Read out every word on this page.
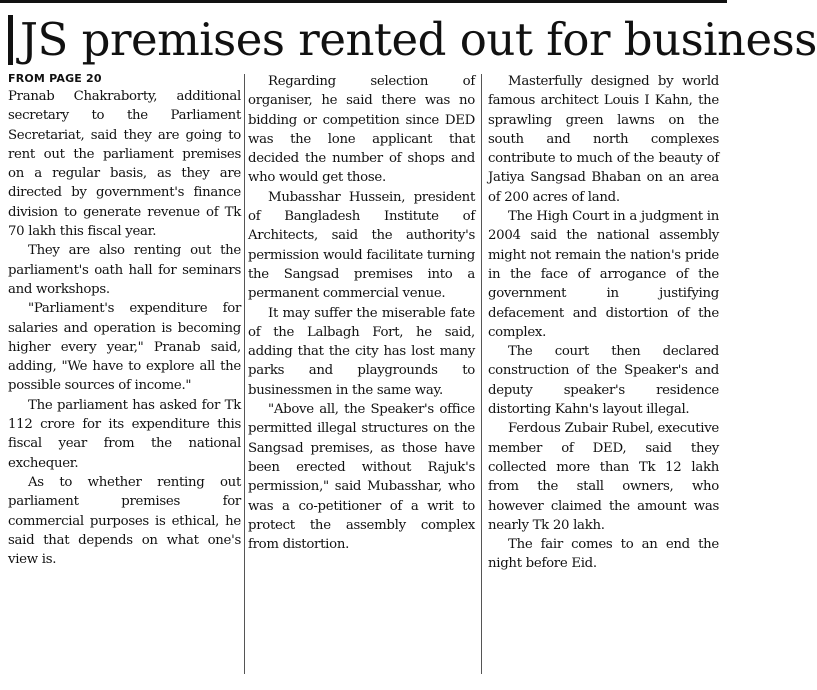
JS premises rented out for business
FROM PAGE 20

Pranab Chakraborty, additional secretary to the Parliament Secretariat, said they are going to rent out the parliament premises on a regular basis, as they are directed by government's finance division to generate revenue of Tk 70 lakh this fiscal year.

They are also renting out the parliament's oath hall for seminars and workshops.

"Parliament's expenditure for salaries and operation is becoming higher every year," Pranab said, adding, "We have to explore all the possible sources of income."

The parliament has asked for Tk 112 crore for its expenditure this fiscal year from the national exchequer.

As to whether renting out parliament premises for commercial purposes is ethical, he said that depends on what one's view is.

Regarding selection of organiser, he said there was no bidding or competition since DED was the lone applicant that decided the number of shops and who would get those.

Mubasshar Hussein, president of Bangladesh Institute of Architects, said the authority's permission would facilitate turning the Sangsad premises into a permanent commercial venue.

It may suffer the miserable fate of the Lalbagh Fort, he said, adding that the city has lost many parks and playgrounds to businessmen in the same way.

"Above all, the Speaker's office permitted illegal structures on the Sangsad premises, as those have been erected without Rajuk's permission," said Mubasshar, who was a co-petitioner of a writ to protect the assembly complex from distortion.

Masterfully designed by world famous architect Louis I Kahn, the sprawling green lawns on the south and north complexes contribute to much of the beauty of Jatiya Sangsad Bhaban on an area of 200 acres of land.

The High Court in a judgment in 2004 said the national assembly might not remain the nation's pride in the face of arrogance of the government in justifying defacement and distortion of the complex.

The court then declared construction of the Speaker's and deputy speaker's residence distorting Kahn's layout illegal.

Ferdous Zubair Rubel, executive member of DED, said they collected more than Tk 12 lakh from the stall owners, who however claimed the amount was nearly Tk 20 lakh.

The fair comes to an end the night before Eid.
